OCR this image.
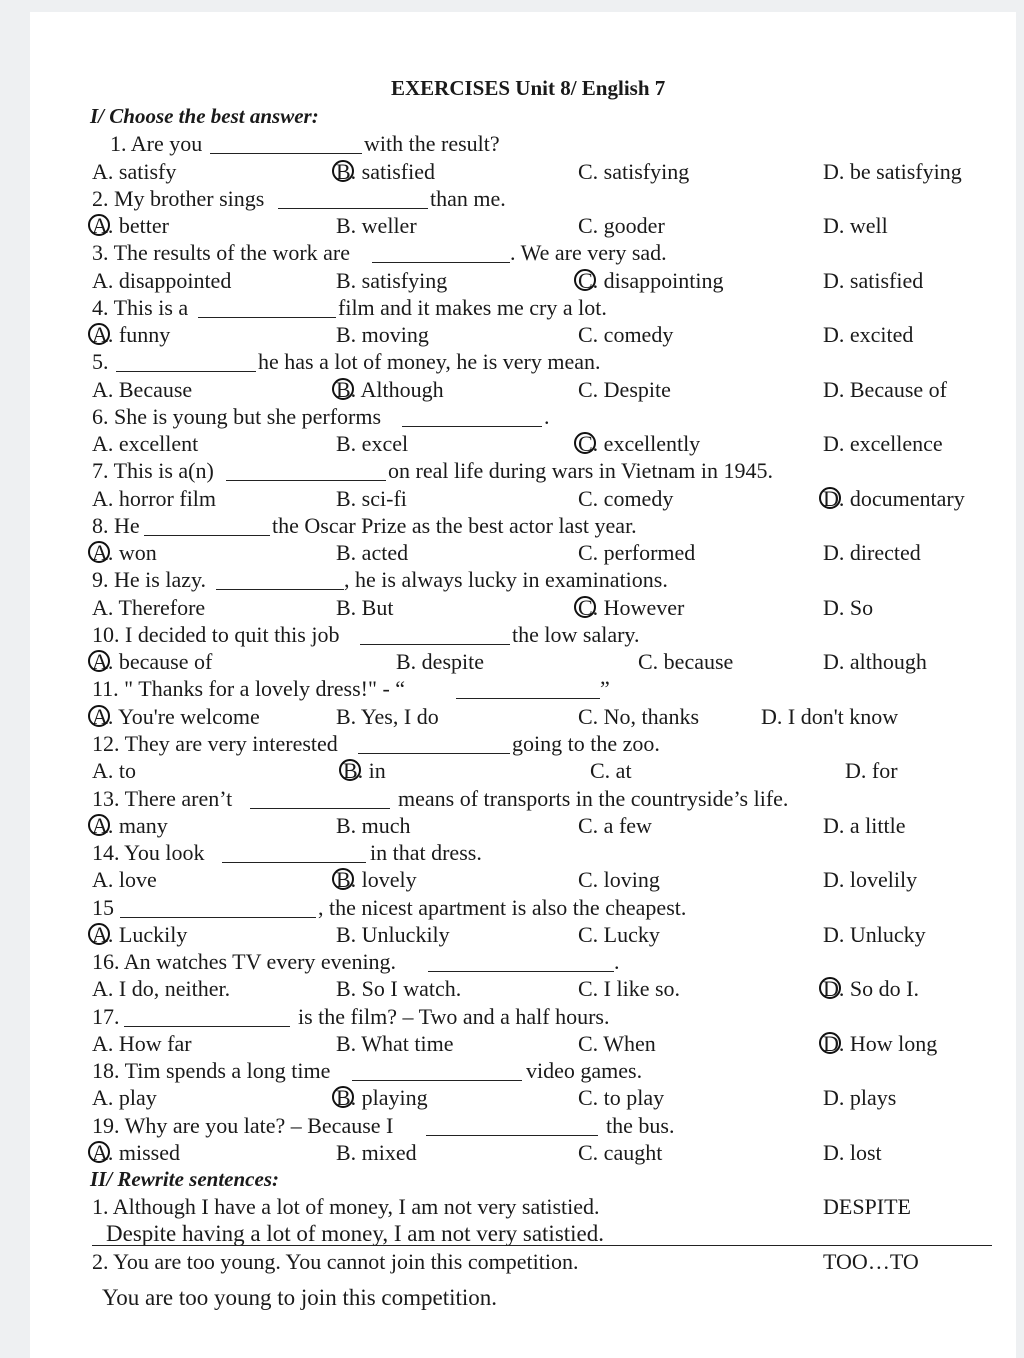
EXERCISES Unit 8/ English 7
I/ Choose the best answer:
1. Are you	with the result?
A. satisfy	B. satisfied	C. satisfying	D. be satisfying
2. My brother sings	than me.
A. better	B. weller	C. gooder	D. well
3. The results of the work are	. We are very sad.
A. disappointed	B. satisfying	C. disappointing	D. satisfied
4. This is a	film and it makes me cry a lot.
A. funny	B. moving	C. comedy	D. excited
5.	he has a lot of money, he is very mean.
A. Because	B. Although	C. Despite	D. Because of
6. She is young but she performs	.
A. excellent	B. excel	C. excellently	D. excellence
7. This is a(n)	on real life during wars in Vietnam in 1945.
A. horror film	B. sci-fi	C. comedy	D. documentary
8. He	the Oscar Prize as the best actor last year.
A. won	B. acted	C. performed	D. directed
9. He is lazy.	, he is always lucky in examinations.
A. Therefore	B. But	C. However	D. So
10. I decided to quit this job	the low salary.
A. because of	B. despite	C. because	D. although
11. " Thanks for a lovely dress!" - “	”
A. You're welcome	B. Yes, I do	C. No, thanks	D. I don't know
12. They are very interested	going to the zoo.
A. to	B. in	C. at	D. for
13. There aren’t	means of transports in the countryside’s life.
A. many	B. much	C. a few	D. a little
14. You look	in that dress.
A. love	B. lovely	C. loving	D. lovelily
15	, the nicest apartment is also the cheapest.
A. Luckily	B. Unluckily	C. Lucky	D. Unlucky
16. An watches TV every evening.	.
A. I do, neither.	B. So I watch.	C. I like so.	D. So do I.
17.	is the film? – Two and a half hours.
A. How far	B. What time	C. When	D. How long
18. Tim spends a long time	video games.
A. play	B. playing	C. to play	D. plays
19. Why are you late? – Because I	the bus.
A. missed	B. mixed	C. caught	D. lost
II/ Rewrite sentences:
1. Although I have a lot of money, I am not very satistied.	DESPITE
Despite having a lot of money, I am not very satistied.
2. You are too young. You cannot join this competition.	TOO…TO
You are too young to join this competition.
